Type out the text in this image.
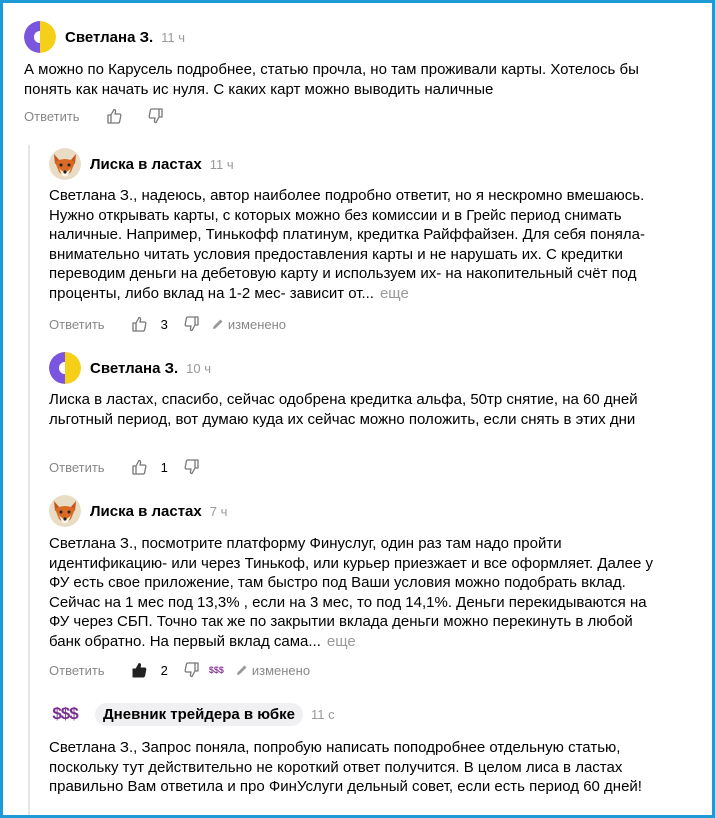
Светлана З. 11 ч
А можно по Карусель подробнее, статью прочла, но там проживали карты. Хотелось бы понять как начать ис нуля. С каких карт можно выводить наличные
Ответить
Лиска в ластах 11 ч
Светлана З., надеюсь, автор наиболее подробно ответит, но я нескромно вмешаюсь. Нужно открывать карты, с которых можно без комиссии и в Грейс период снимать наличные. Например, Тинькофф платинум, кредитка Райффайзен. Для себя поняла- внимательно читать условия предоставления карты и не нарушать их. С кредитки переводим деньги на дебетовую карту и используем их- на накопительный счёт под проценты, либо вклад на 1-2 мес- зависит от... еще
Ответить	3	изменено
Светлана З. 10 ч
Лиска в ластах, спасибо, сейчас одобрена кредитка альфа, 50тр снятие, на 60 дней льготный период, вот думаю куда их сейчас можно положить, если снять в этих дни
Ответить	1
Лиска в ластах 7 ч
Светлана З., посмотрите платформу Финуслуг, один раз там надо пройти идентификацию- или через Тинькоф, или курьер приезжает и все оформляет. Далее у ФУ есть свое приложение, там быстро под Ваши условия можно подобрать вклад. Сейчас на 1 мес под 13,3% , если на 3 мес, то под 14,1%. Деньги перекидываются на ФУ через СБП. Точно так же по закрытии вклада деньги можно перекинуть в любой банк обратно. На первый вклад сама... еще
Ответить	2	$$$ изменено
$$$	Дневник трейдера в юбке	11 с
Светлана З., Запрос поняла, попробую написать поподробнее отдельную статью, поскольку тут действительно не короткий ответ получится. В целом лиса в ластах правильно Вам ответила и про ФинУслуги дельный совет, если есть период 60 дней!
